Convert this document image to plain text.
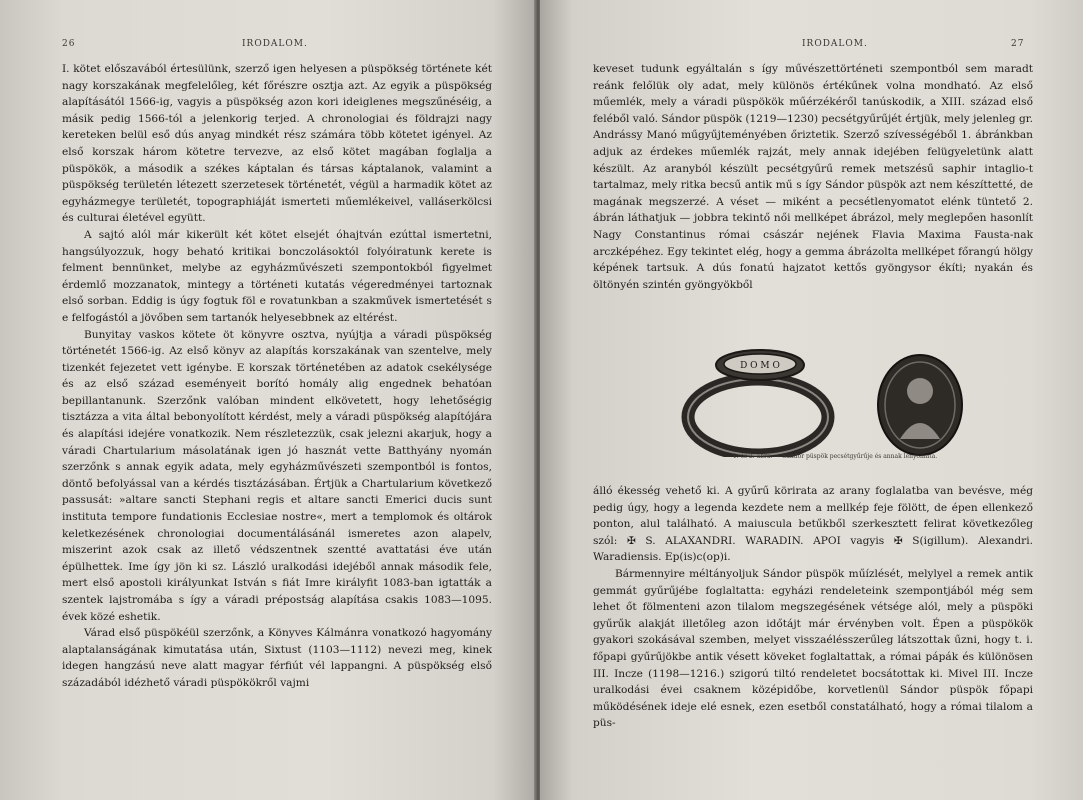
26	IRODALOM.

I. kötet előszavából értesülünk, szerző igen helyesen a püspökség története két nagy korszakának megfelelőleg, két főrészre osztja azt. Az egyik a püspökség alapításától 1566-ig, vagyis a püspökség azon kori ideiglenes megszűnéséig, a másik pedig 1566-tól a jelenkorig terjed. A chronologiai és földrajzi nagy kereteken belül eső dús anyag mindkét rész számára több kötetet igényel. Az első korszak három kötetre tervezve, az első kötet magában foglalja a püspökök, a második a székes káptalan és társas káptalanok, valamint a püspökség területén létezett szerzetesek történetét, végül a harmadik kötet az egyházmegye területét, topographiáját ismerteti műemlékeivel, valláserkölcsi és culturai életével együtt.

A sajtó alól már kikerült két kötet elsejét óhajtván ezúttal ismertetni, hangsúlyozzuk, hogy beható kritikai bonczolásoktól folyóiratunk kerete is felment bennünket, melybe az egyházművészeti szempontokból figyelmet érdemlő mozzanatok, mintegy a történeti kutatás végeredményei tartoznak első sorban. Eddig is úgy fogtuk föl e rovatunkban a szakművek ismertetését s e felfogástól a jövőben sem tartanók helyesebbnek az eltérést.

Bunyitay vaskos kötete öt könyvre osztva, nyújtja a váradi püspökség történetét 1566-ig. Az első könyv az alapítás korszakának van szentelve, mely tizenkét fejezetet vett igénybe. E korszak történetében az adatok csekélysége és az első század eseményeit borító homály alig engednek behatóan bepillantanunk. Szerzőnk valóban mindent elkövetett, hogy lehetőségig tisztázza a vita által bebonyolított kérdést, mely a váradi püspökség alapítójára és alapítási idejére vonatkozik. Nem részletezzük, csak jelezni akarjuk, hogy a váradi Chartularium másolatának igen jó hasznát vette Batthyány nyomán szerzőnk s annak egyik adata, mely egyházművészeti szempontból is fontos, döntő befolyással van a kérdés tisztázásában. Értjük a Chartularium következő passusát: »altare sancti Stephani regis et altare sancti Emerici ducis sunt instituta tempore fundationis Ecclesiae nostre«, mert a templomok és oltárok keletkezésének chronologiai documentálásánál ismeretes azon alapelv, miszerint azok csak az illető védszentnek szentté avattatási éve után épülhettek. Ime így jön ki sz. László uralkodási idejéből annak második fele, mert első apostoli királyunkat István s fiát Imre királyfit 1083-ban igtatták a szentek lajstromába s így a váradi prépostság alapítása csakis 1083—1095. évek közé eshetik.

Várad első püspökéül szerzőnk, a Könyves Kálmánra vonatkozó hagyomány alaptalanságának kimutatása után, Sixtust (1103—1112) nevezi meg, kinek idegen hangzású neve alatt magyar férfiút vél lappangni. A püspökség első századából idézhető váradi püspökökről vajmi

IRODALOM.	27

keveset tudunk egyáltalán s így művészettörténeti szempontból sem maradt reánk felőlük oly adat, mely különös értékűnek volna mondható. Az első műemlék, mely a váradi püspökök műérzékéről tanúskodik, a XIII. század első feléből való. Sándor püspök (1219—1230) pecsétgyűrűjét értjük, mely jelenleg gr. Andrássy Manó műgyűjteményében őriztetik. Szerző szívességéből 1. ábránkban adjuk az érdekes műemlék rajzát, mely annak idejében felügyeletünk alatt készült. Az aranyból készült pecsétgyűrű remek metszésű saphir intaglio-t tartalmaz, mely ritka becsű antik mű s így Sándor püspök azt nem készíttetté, de magának megszerzé. A véset — miként a pecsétlenyomatot elénk tüntető 2. ábrán láthatjuk — jobbra tekintő női mellképet ábrázol, mely meglepően hasonlít Nagy Constantinus római császár nejének Flavia Maxima Fausta-nak arczképéhez. Egy tekintet elég, hogy a gemma ábrázolta mellképet főrangú hölgy képének tartsuk. A dús fonatú hajzatot kettős gyöngysor ékíti; nyakán és öltönyén szintén gyöngyökből

D O M O
1. és 2. ábra. — Sándor püspök pecsétgyűrűje és annak lenyomata.

álló ékesség vehető ki. A gyűrű körirata az arany foglalatba van bevésve, még pedig úgy, hogy a legenda kezdete nem a mellkép feje fölött, de épen ellenkező ponton, alul található. A maiuscula betűkből szerkesztett felirat következőleg szól: ✠ S. ALAXANDRI. WARADIN. APOI vagyis ✠ S(igillum). Alexandri. Waradiensis. Ep(is)c(op)i.

Bármennyire méltányoljuk Sándor püspök műízlését, melylyel a remek antik gemmát gyűrűjébe foglaltatta: egyházi rendeleteink szempontjából még sem lehet őt fölmenteni azon tilalom megszegésének vétsége alól, mely a püspöki gyűrűk alakját illetőleg azon időtájt már érvényben volt. Épen a püspökök gyakori szokásával szemben, melyet visszaélésszerűleg látszottak űzni, hogy t. i. főpapi gyűrűjökbe antik vésett köveket foglaltattak, a római pápák és különösen III. Incze (1198—1216.) szigorú tiltó rendeletet bocsátottak ki. Mivel III. Incze uralkodási évei csaknem középidőbe, korvetlenül Sándor püspök főpapi működésének ideje elé esnek, ezen esetből constatálható, hogy a római tilalom a püs-
